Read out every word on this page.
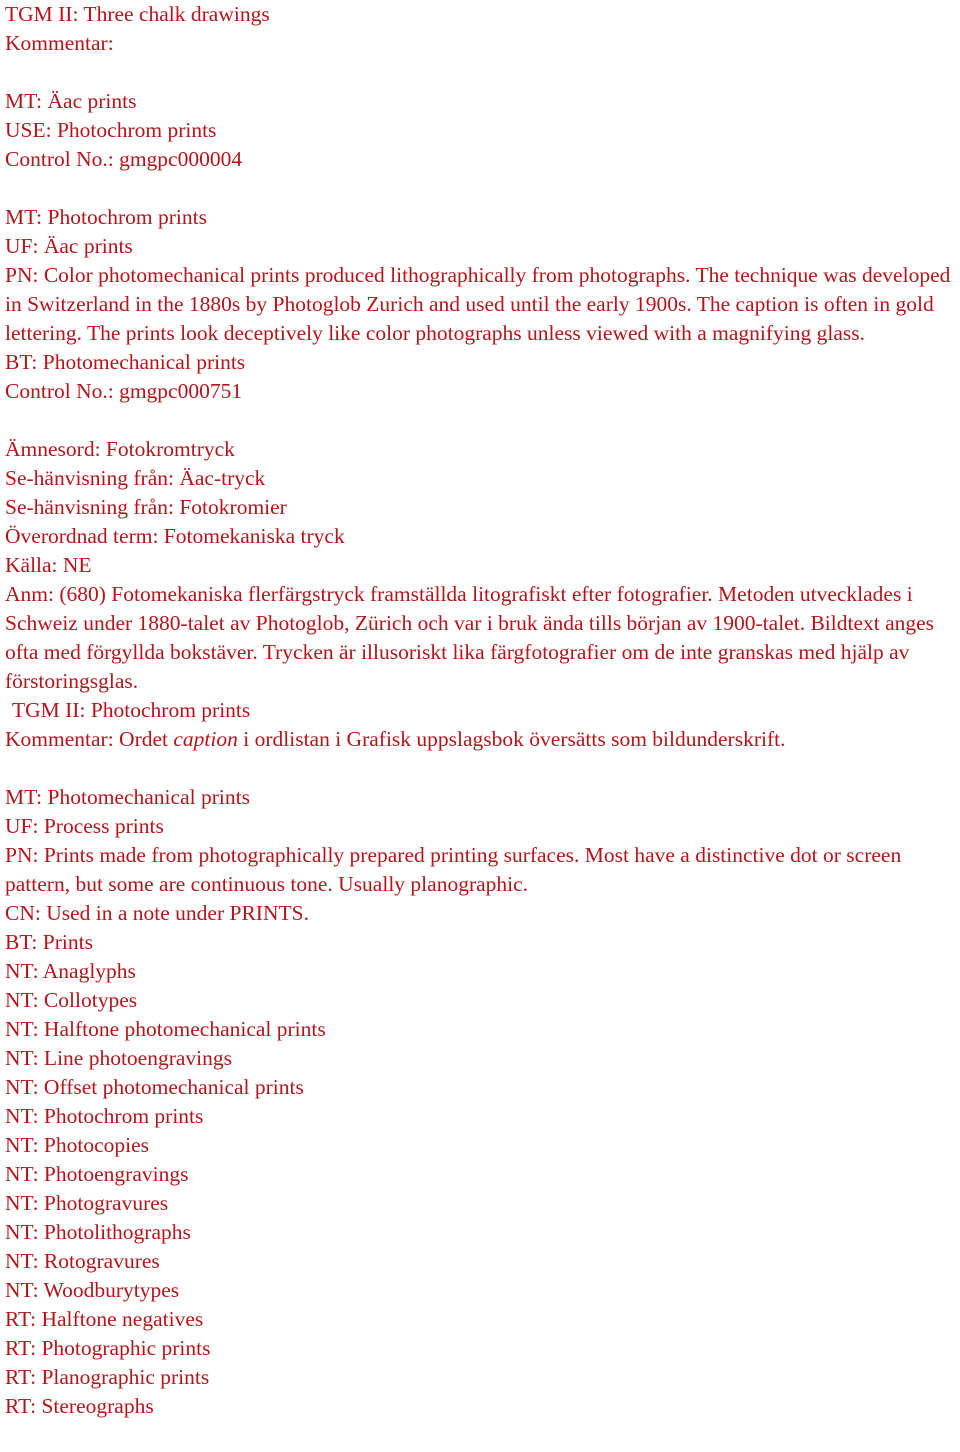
TGM II: Three chalk drawings
Kommentar:
MT: Äac prints
USE: Photochrom prints
Control No.: gmgpc000004
MT: Photochrom prints
UF: Äac prints
PN: Color photomechanical prints produced lithographically from photographs. The technique was developed in Switzerland in the 1880s by Photoglob Zurich and used until the early 1900s. The caption is often in gold lettering. The prints look deceptively like color photographs unless viewed with a magnifying glass.
BT: Photomechanical prints
Control No.: gmgpc000751
Ämnesord: Fotokromtryck
Se-hänvisning från: Äac-tryck
Se-hänvisning från: Fotokromier
Överordnad term: Fotomekaniska tryck
Källa: NE
Anm: (680) Fotomekaniska flerfärgstryck framställda litografiskt efter fotografier. Metoden utvecklades i Schweiz under 1880-talet av Photoglob, Zürich och var i bruk ända tills början av 1900-talet. Bildtext anges ofta med förgyllda bokstäver. Trycken är illusoriskt lika färgfotografier om de inte granskas med hjälp av förstoringsglas.
TGM II: Photochrom prints
Kommentar: Ordet caption i ordlistan i Grafisk uppslagsbok översätts som bildunderskrift.
MT: Photomechanical prints
UF: Process prints
PN: Prints made from photographically prepared printing surfaces. Most have a distinctive dot or screen pattern, but some are continuous tone. Usually planographic.
CN: Used in a note under PRINTS.
BT: Prints
NT: Anaglyphs
NT: Collotypes
NT: Halftone photomechanical prints
NT: Line photoengravings
NT: Offset photomechanical prints
NT: Photochrom prints
NT: Photocopies
NT: Photoengravings
NT: Photogravures
NT: Photolithographs
NT: Rotogravures
NT: Woodburytypes
RT: Halftone negatives
RT: Photographic prints
RT: Planographic prints
RT: Stereographs
